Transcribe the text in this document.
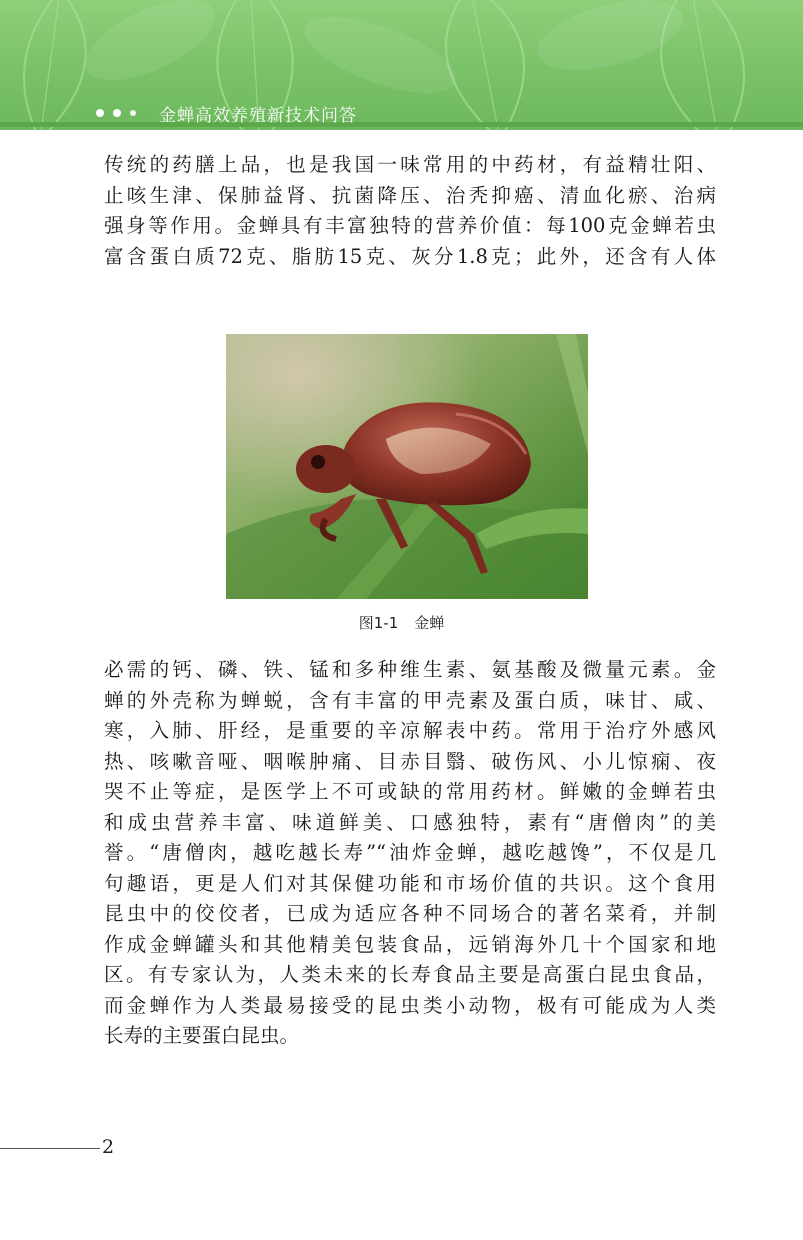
金蝉高效养殖新技术问答

传统的药膳上品，也是我国一味常用的中药材，有益精壮阳、
止咳生津、保肺益肾、抗菌降压、治秃抑癌、清血化瘀、治病
强身等作用。金蝉具有丰富独特的营养价值：每100克金蝉若虫
富含蛋白质72克、脂肪15克、灰分1.8克；此外，还含有人体

图1-1 金蝉

必需的钙、磷、铁、锰和多种维生素、氨基酸及微量元素。金
蝉的外壳称为蝉蜕，含有丰富的甲壳素及蛋白质，味甘、咸、
寒，入肺、肝经，是重要的辛凉解表中药。常用于治疗外感风
热、咳嗽音哑、咽喉肿痛、目赤目翳、破伤风、小儿惊痫、夜
哭不止等症，是医学上不可或缺的常用药材。鲜嫩的金蝉若虫
和成虫营养丰富、味道鲜美、口感独特，素有“唐僧肉”的美
誉。“唐僧肉，越吃越长寿”“油炸金蝉，越吃越馋”，不仅是几
句趣语，更是人们对其保健功能和市场价值的共识。这个食用
昆虫中的佼佼者，已成为适应各种不同场合的著名菜肴，并制
作成金蝉罐头和其他精美包装食品，远销海外几十个国家和地
区。有专家认为，人类未来的长寿食品主要是高蛋白昆虫食品，
而金蝉作为人类最易接受的昆虫类小动物，极有可能成为人类
长寿的主要蛋白昆虫。

2
